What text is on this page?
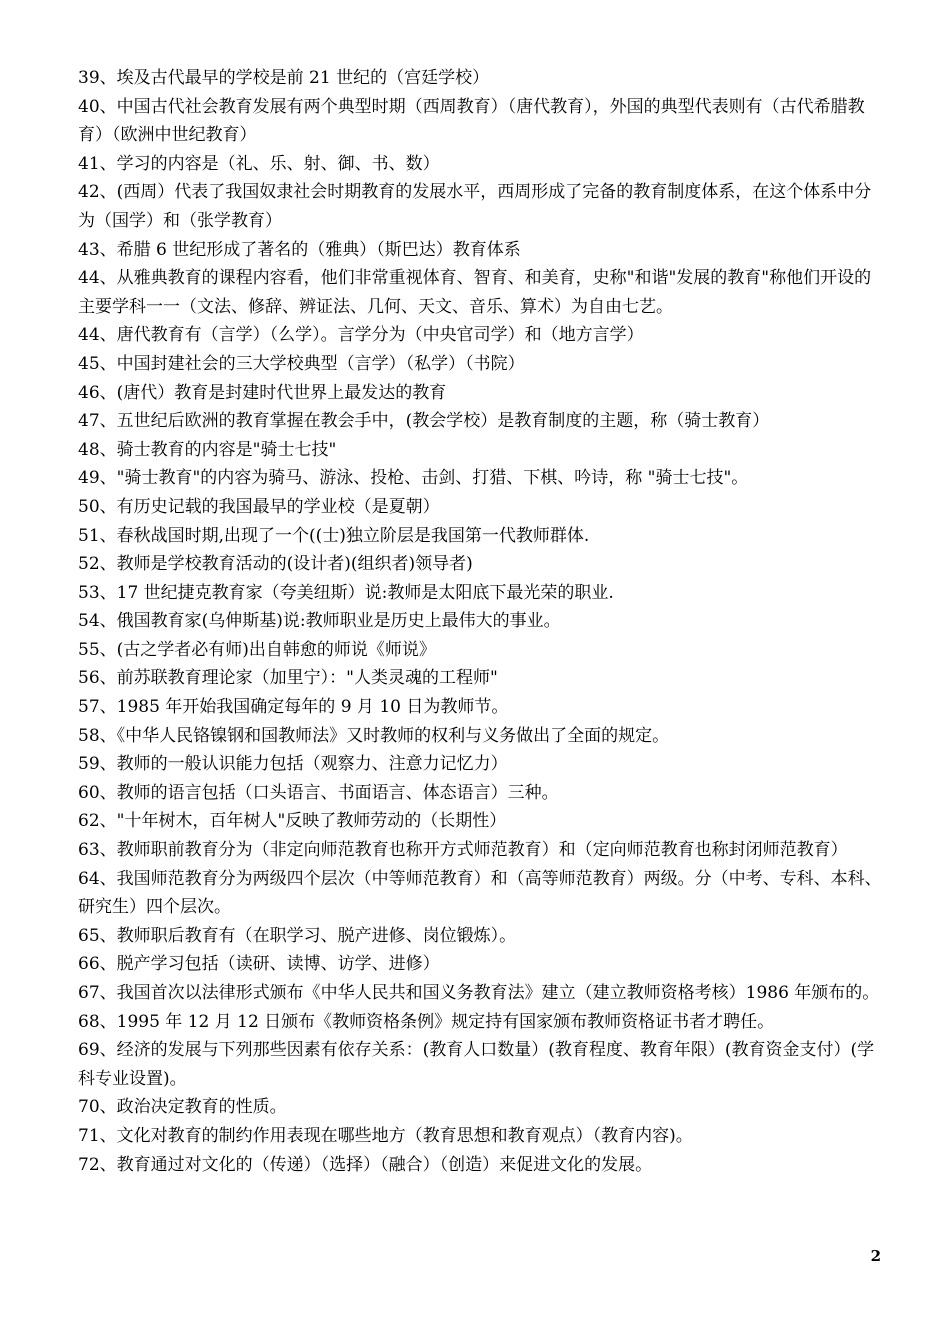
39、埃及古代最早的学校是前 21 世纪的（宫廷学校）

40、中国古代社会教育发展有两个典型时期（西周教育）（唐代教育），外国的典型代表则有（古代希腊教育）（欧洲中世纪教育）

41、学习的内容是（礼、乐、射、御、书、数）

42、(西周）代表了我国奴隶社会时期教育的发展水平，西周形成了完备的教育制度体系，在这个体系中分为（国学）和（张学教育）

43、希腊 6 世纪形成了著名的（雅典）（斯巴达）教育体系

44、从雅典教育的课程内容看，他们非常重视体育、智育、和美育，史称"和谐"发展的教育"称他们开设的主要学科一一（文法、修辞、辨证法、几何、天文、音乐、算术）为自由七艺。

44、唐代教育有（言学）（么学）。言学分为（中央官司学）和（地方言学）

45、中国封建社会的三大学校典型（言学）（私学）（书院）

46、(唐代）教育是封建时代世界上最发达的教育

47、五世纪后欧洲的教育掌握在教会手中，(教会学校）是教育制度的主题，称（骑士教育）

48、骑士教育的内容是"骑士七技"

49、"骑士教育"的内容为骑马、游泳、投枪、击剑、打猎、下棋、吟诗，称 "骑士七技"。

50、有历史记载的我国最早的学业校（是夏朝）

51、春秋战国时期,出现了一个((士)独立阶层是我国第一代教师群体.

52、教师是学校教育活动的(设计者)(组织者)领导者)

53、17 世纪捷克教育家（夸美纽斯）说:教师是太阳底下最光荣的职业.

54、俄国教育家(乌伸斯基)说:教师职业是历史上最伟大的事业。

55、(古之学者必有师)出自韩愈的师说《师说》

56、前苏联教育理论家（加里宁）："人类灵魂的工程师"

57、1985 年开始我国确定每年的 9 月 10 日为教师节。

58、《中华人民铬镍钢和国教师法》又时教师的权利与义务做出了全面的规定。

59、教师的一般认识能力包括（观察力、注意力记忆力）

60、教师的语言包括（口头语言、书面语言、体态语言）三种。

62、"十年树木，百年树人"反映了教师劳动的（长期性）

63、教师职前教育分为（非定向师范教育也称开方式师范教育）和（定向师范教育也称封闭师范教育）

64、我国师范教育分为两级四个层次（中等师范教育）和（高等师范教育）两级。分（中考、专科、本科、研究生）四个层次。

65、教师职后教育有（在职学习、脱产进修、岗位锻炼）。

66、脱产学习包括（读研、读博、访学、进修）

67、我国首次以法律形式颁布《中华人民共和国义务教育法》建立（建立教师资格考核）1986 年颁布的。

68、1995 年 12 月 12 日颁布《教师资格条例》规定持有国家颁布教师资格证书者才聘任。

69、经济的发展与下列那些因素有依存关系：(教育人口数量）(教育程度、教育年限）(教育资金支付）(学科专业设置)。

70、政治决定教育的性质。

71、文化对教育的制约作用表现在哪些地方（教育思想和教育观点）（教育内容)。

72、教育通过对文化的（传递）（选择）（融合）（创造）来促进文化的发展。

2
